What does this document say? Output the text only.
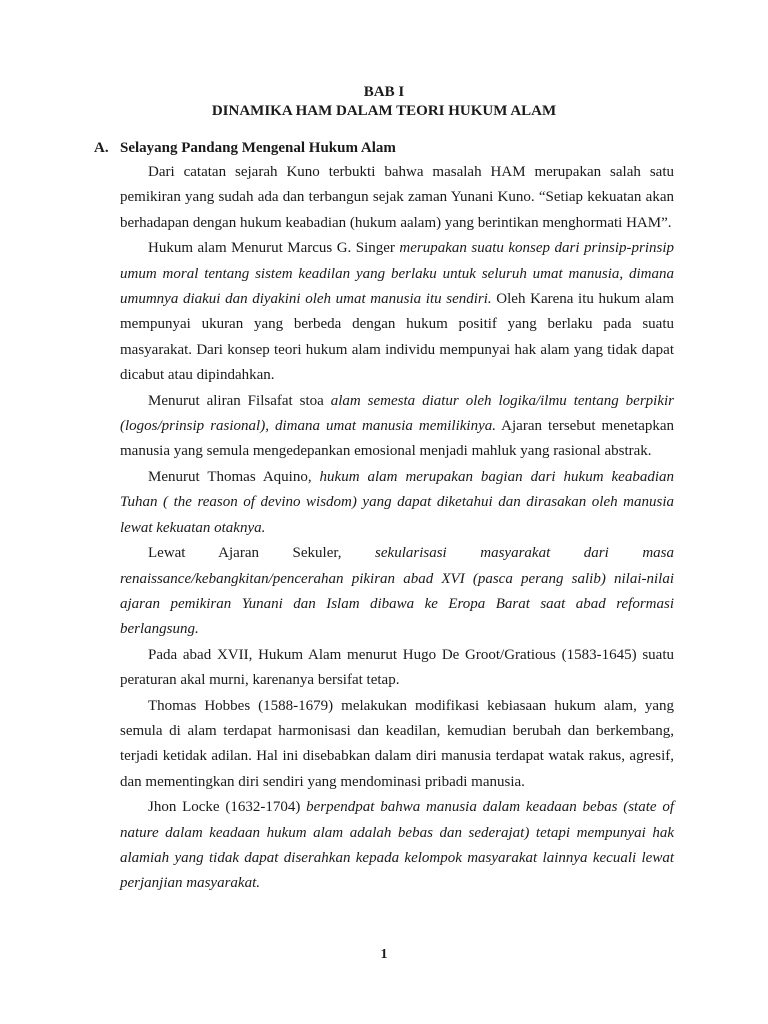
BAB I
DINAMIKA HAM DALAM TEORI HUKUM ALAM
A. Selayang Pandang Mengenal Hukum Alam

Dari catatan sejarah Kuno terbukti bahwa masalah HAM merupakan salah satu pemikiran yang sudah ada dan terbangun sejak zaman Yunani Kuno. “Setiap kekuatan akan berhadapan dengan hukum keabadian (hukum aalam) yang berintikan menghormati HAM”.

Hukum alam Menurut Marcus G. Singer merupakan suatu konsep dari prinsip-prinsip umum moral tentang sistem keadilan yang berlaku untuk seluruh umat manusia, dimana umumnya diakui dan diyakini oleh umat manusia itu sendiri. Oleh Karena itu hukum alam mempunyai ukuran yang berbeda dengan hukum positif yang berlaku pada suatu masyarakat. Dari konsep teori hukum alam individu mempunyai hak alam yang tidak dapat dicabut atau dipindahkan.

Menurut aliran Filsafat stoa alam semesta diatur oleh logika/ilmu tentang berpikir (logos/prinsip rasional), dimana umat manusia memilikinya. Ajaran tersebut menetapkan manusia yang semula mengedepankan emosional menjadi mahluk yang rasional abstrak.

Menurut Thomas Aquino, hukum alam merupakan bagian dari hukum keabadian Tuhan ( the reason of devino wisdom) yang dapat diketahui dan dirasakan oleh manusia lewat kekuatan otaknya.

Lewat Ajaran Sekuler, sekularisasi masyarakat dari masa renaissance/kebangkitan/pencerahan pikiran abad XVI (pasca perang salib) nilai-nilai ajaran pemikiran Yunani dan Islam dibawa ke Eropa Barat saat abad reformasi berlangsung.

Pada abad XVII, Hukum Alam menurut Hugo De Groot/Gratious (1583-1645) suatu peraturan akal murni, karenanya bersifat tetap.

Thomas Hobbes (1588-1679) melakukan modifikasi kebiasaan hukum alam, yang semula di alam terdapat harmonisasi dan keadilan, kemudian berubah dan berkembang, terjadi ketidak adilan. Hal ini disebabkan dalam diri manusia terdapat watak rakus, agresif, dan mementingkan diri sendiri yang mendominasi pribadi manusia.

Jhon Locke (1632-1704) berpendpat bahwa manusia dalam keadaan bebas (state of nature dalam keadaan hukum alam adalah bebas dan sederajat) tetapi mempunyai hak alamiah yang tidak dapat diserahkan kepada kelompok masyarakat lainnya kecuali lewat perjanjian masyarakat.

1
